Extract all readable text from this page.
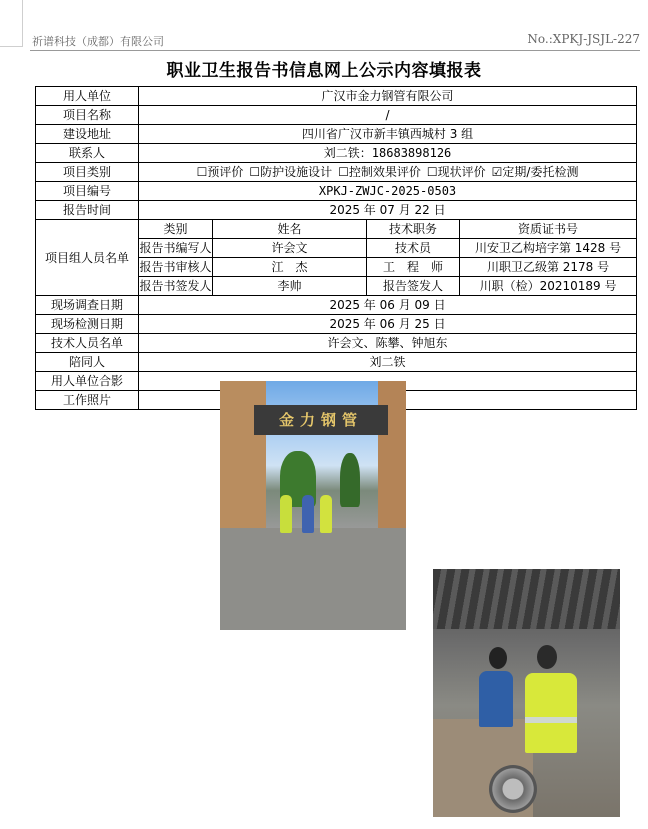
祈谱科技（成都）有限公司	No.:XPKJ-JSJL-227
职业卫生报告书信息网上公示内容填报表
用人单位	广汉市金力钢管有限公司			
项目名称	/			
建设地址	四川省广汉市新丰镇西城村 3 组			
联系人	刘二铁：18683898126			
项目类别	☐预评价 ☐防护设施设计 ☐控制效果评价 ☐现状评价 ☑定期/委托检测			
项目编号	XPKJ-ZWJC-2025-0503			
报告时间	2025 年 07 月 22 日			
项目组人员名单	类别	姓名	技术职务	资质证书号
	报告书编写人	许会文	技术员	川安卫乙构培字第 1428 号
	报告书审核人	江　杰	工　程　师	川职卫乙级第 2178 号
	报告书签发人	李帅	报告签发人	川职（检）20210189 号
现场调查日期	2025 年 06 月 09 日			
现场检测日期	2025 年 06 月 25 日			
技术人员名单	许会文、陈攀、钟旭东			
陪同人	刘二铁			
用人单位合影				
工作照片				
金力钢管
